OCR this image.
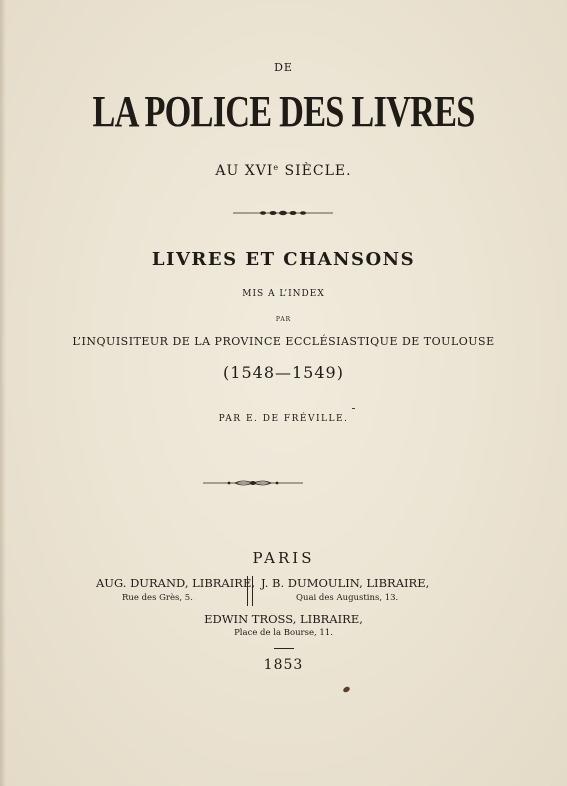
DE
LA POLICE DES LIVRES
AU XVIe SIÈCLE.
LIVRES ET CHANSONS
MIS A L’INDEX
PAR
L’INQUISITEUR DE LA PROVINCE ECCLÉSIASTIQUE DE TOULOUSE
(1548—1549)
PAR E. DE FRÉVILLE.
PARIS
AUG. DURAND, LIBRAIRE,
Rue des Grès, 5.
J. B. DUMOULIN, LIBRAIRE,
Quai des Augustins, 13.
EDWIN TROSS, LIBRAIRE,
Place de la Bourse, 11.
1853
